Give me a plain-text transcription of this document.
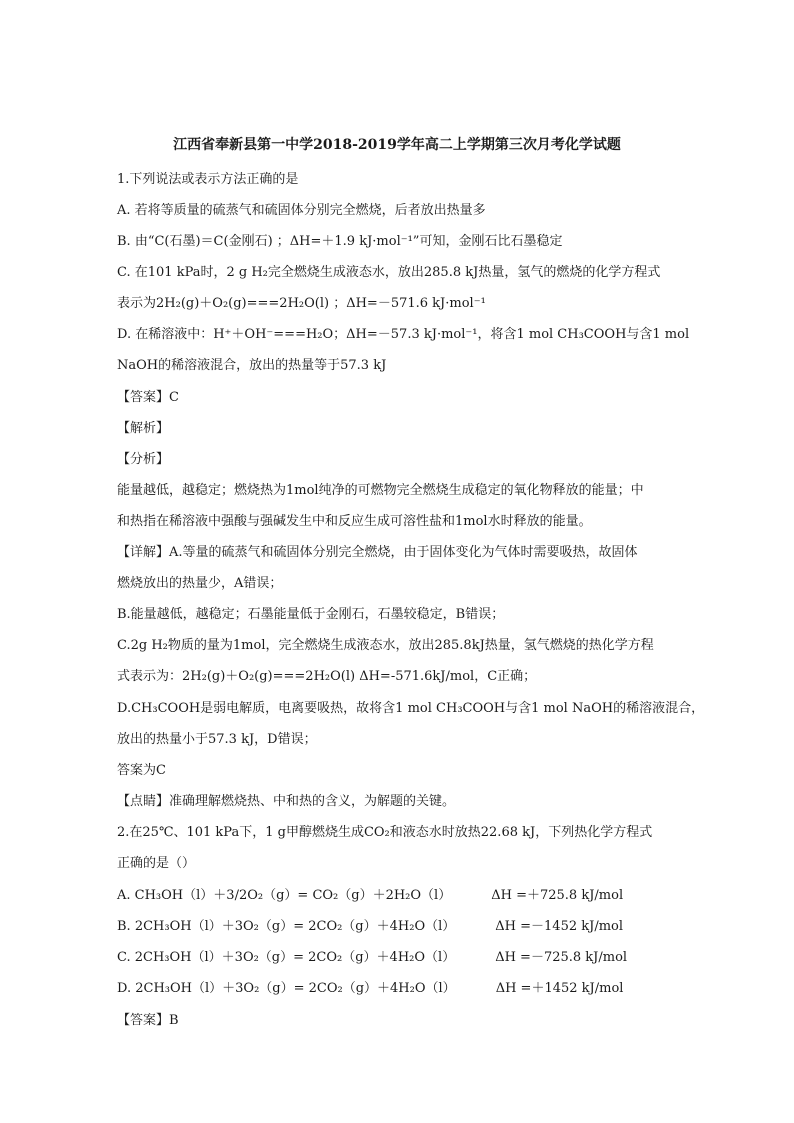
江西省奉新县第一中学2018-2019学年高二上学期第三次月考化学试题
1.下列说法或表示方法正确的是
A. 若将等质量的硫蒸气和硫固体分别完全燃烧，后者放出热量多
B. 由“C(石墨)＝C(金刚石) ；ΔH=＋1.9 kJ·mol⁻¹”可知，金刚石比石墨稳定
C. 在101 kPa时，2 g H₂完全燃烧生成液态水，放出285.8 kJ热量，氢气的燃烧的化学方程式
表示为2H₂(g)＋O₂(g)===2H₂O(l) ；ΔH=－571.6 kJ·mol⁻¹
D. 在稀溶液中：H⁺＋OH⁻===H₂O；ΔH=－57.3 kJ·mol⁻¹，将含1 mol CH₃COOH与含1 mol
NaOH的稀溶液混合，放出的热量等于57.3 kJ
【答案】C
【解析】
【分析】
能量越低，越稳定；燃烧热为1mol纯净的可燃物完全燃烧生成稳定的氧化物释放的能量；中
和热指在稀溶液中强酸与强碱发生中和反应生成可溶性盐和1mol水时释放的能量。
【详解】A.等量的硫蒸气和硫固体分别完全燃烧，由于固体变化为气体时需要吸热，故固体
燃烧放出的热量少，A错误；
B.能量越低，越稳定；石墨能量低于金刚石，石墨较稳定，B错误；
C.2g H₂物质的量为1mol，完全燃烧生成液态水，放出285.8kJ热量，氢气燃烧的热化学方程
式表示为：2H₂(g)＋O₂(g)===2H₂O(l) ΔH=-571.6kJ/mol，C正确；
D.CH₃COOH是弱电解质，电离要吸热，故将含1 mol CH₃COOH与含1 mol NaOH的稀溶液混合，
放出的热量小于57.3 kJ，D错误；
答案为C
【点睛】准确理解燃烧热、中和热的含义，为解题的关键。
2.在25℃、101 kPa下，1 g甲醇燃烧生成CO₂和液态水时放热22.68 kJ，下列热化学方程式
正确的是（）
A. CH₃OH（l）＋3/2O₂（g）= CO₂（g）＋2H₂O（l）	ΔH =＋725.8 kJ/mol
B. 2CH₃OH（l）＋3O₂（g）= 2CO₂（g）＋4H₂O（l）	ΔH =－1452 kJ/mol
C. 2CH₃OH（l）＋3O₂（g）= 2CO₂（g）＋4H₂O（l）	ΔH =－725.8 kJ/mol
D. 2CH₃OH（l）＋3O₂（g）= 2CO₂（g）＋4H₂O（l）	ΔH =＋1452 kJ/mol
【答案】B
